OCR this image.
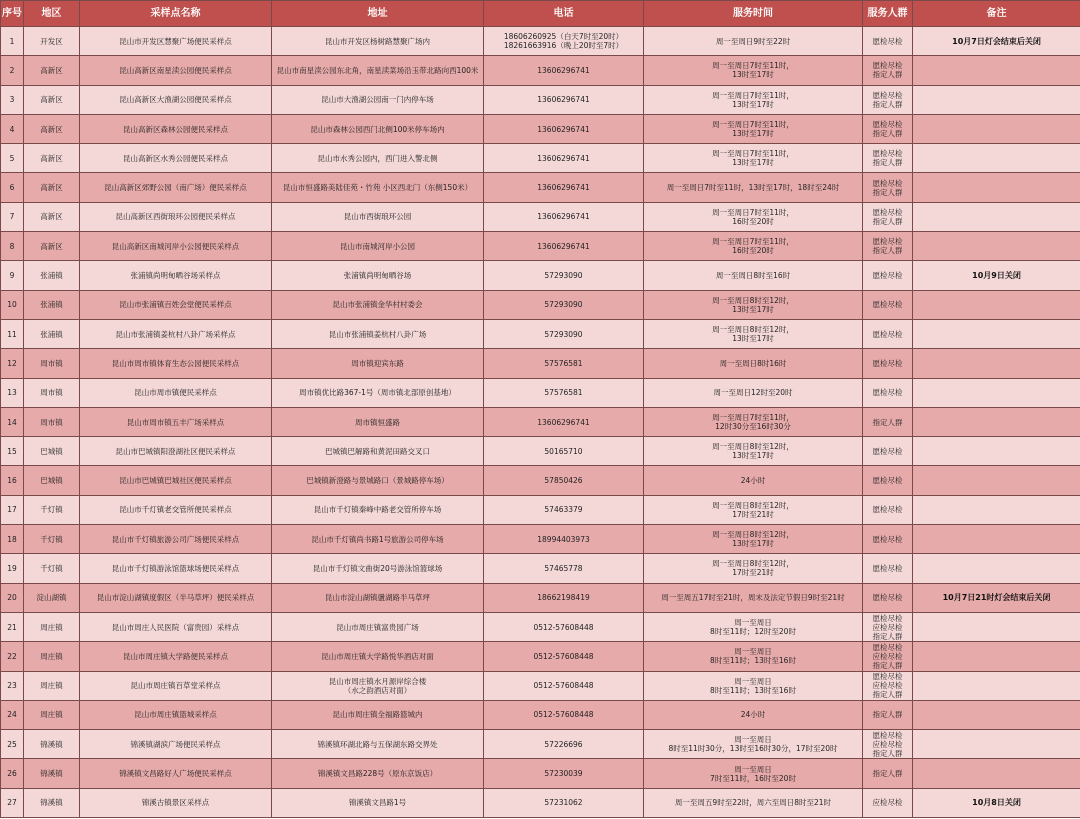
序号	地区	采样点名称	地址	电话	服务时间	服务人群	备注
1	开发区	昆山市开发区慧聚广场便民采样点	昆山市开发区杨树路慧聚广场内	18606260925（白天7时至20时）
18261663916（晚上20时至7时）	周一至周日9时至22时	愿检尽检	10月7日灯会结束后关闭
2	高新区	昆山高新区南星渎公园便民采样点	昆山市南星渎公园东北角，南星渎菜场沿玉带北路向西100米	13606296741	周一至周日7时至11时，
13时至17时	愿检尽检
指定人群	
3	高新区	昆山高新区大渔湖公园便民采样点	昆山市大渔湖公园南一门内停车场	13606296741	周一至周日7时至11时，
13时至17时	愿检尽检
指定人群	
4	高新区	昆山高新区森林公园便民采样点	昆山市森林公园西门北侧100米停车场内	13606296741	周一至周日7时至11时，
13时至17时	愿检尽检
指定人群	
5	高新区	昆山高新区水秀公园便民采样点	昆山市水秀公园内，西门进入警北侧	13606296741	周一至周日7时至11时，
13时至17时	愿检尽检
指定人群	
6	高新区	昆山高新区郊野公园（南广场）便民采样点	昆山市恒盛路美陆佳苑・竹苑 小区西北门（东侧150米）	13606296741	周一至周日7时至11时，13时至17时，18时至24时	愿检尽检
指定人群	
7	高新区	昆山高新区西街琅环公园便民采样点	昆山市西街琅环公园	13606296741	周一至周日7时至11时，
16时至20时	愿检尽检
指定人群	
8	高新区	昆山高新区南城河岸小公园便民采样点	昆山市南城河岸小公园	13606296741	周一至周日7时至11时，
16时至20时	愿检尽检
指定人群	
9	张浦镇	张浦镇尚明甸晒谷场采样点	张浦镇尚明甸晒谷场	57293090	周一至周日8时至16时	愿检尽检	10月9日关闭
10	张浦镇	昆山市张浦镇百姓会堂便民采样点	昆山市张浦镇金华村村委会	57293090	周一至周日8时至12时，
13时至17时	愿检尽检	
11	张浦镇	昆山市张浦镇姜杭村八卦广场采样点	昆山市张浦镇姜杭村八卦广场	57293090	周一至周日8时至12时，
13时至17时	愿检尽检	
12	周市镇	昆山市周市镇体育生态公园便民采样点	周市镇迎宾东路	57576581	周一至周日8时16时	愿检尽检	
13	周市镇	昆山市周市镇便民采样点	周市镇优比路367-1号（周市镇北部原创基地）	57576581	周一至周日12时至20时	愿检尽检	
14	周市镇	昆山市周市镇五丰广场采样点	周市镇恒盛路	13606296741	周一至周日7时至11时，
12时30分至16时30分	指定人群	
15	巴城镇	昆山市巴城镇阳澄湖社区便民采样点	巴城镇巴解路和黄泥田路交叉口	50165710	周一至周日8时至12时，
13时至17时	愿检尽检	
16	巴城镇	昆山市巴城镇巴城社区便民采样点	巴城镇新澄路与景城路口（景城路停车场）	57850426	24小时	愿检尽检	
17	千灯镇	昆山市千灯镇老交管所便民采样点	昆山市千灯镇秦峰中路老交管所停车场	57463379	周一至周日8时至12时，
17时至21时	愿检尽检	
18	千灯镇	昆山市千灯镇旅游公司广场便民采样点	昆山市千灯镇尚书路1号旅游公司停车场	18994403973	周一至周日8时至12时，
13时至17时	愿检尽检	
19	千灯镇	昆山市千灯镇游泳馆篮球场便民采样点	昆山市千灯镇文曲街20号游泳馆篮球场	57465778	周一至周日8时至12时，
17时至21时	愿检尽检	
20	淀山湖镇	昆山市淀山湖镇度假区（半马草坪）便民采样点	昆山市淀山湖镇盪湖路半马草坪	18662198419	周一至周五17时至21时，周末及法定节假日9时至21时	愿检尽检	10月7日21时灯会结束后关闭
21	周庄镇	昆山市周庄人民医院（富贵园）采样点	昆山市周庄镇富贵园广场	0512-57608448	周一至周日
8时至11时；12时至20时	愿检尽检
应检尽检
指定人群	
22	周庄镇	昆山市周庄镇大学路便民采样点	昆山市周庄镇大学路悦华酒店对面	0512-57608448	周一至周日
8时至11时；13时至16时	愿检尽检
应检尽检
指定人群	
23	周庄镇	昆山市周庄镇百草堂采样点	昆山市周庄镇水月源岸综合楼
（水之韵酒店对面）	0512-57608448	周一至周日
8时至11时；13时至16时	愿检尽检
应检尽检
指定人群	
24	周庄镇	昆山市周庄镇篮城采样点	昆山市周庄镇全福路篮城内	0512-57608448	24小时	指定人群	
25	锦溪镇	锦溪镇湖滨广场便民采样点	锦溪镇环湖北路与五保湖东路交界处	57226696	周一至周日
8时至11时30分，13时至16时30分，17时至20时	愿检尽检
应检尽检
指定人群	
26	锦溪镇	锦溪镇文昌路好人广场便民采样点	锦溪镇文昌路228号（原东京饭店）	57230039	周一至周日
7时至11时，16时至20时	指定人群	
27	锦溪镇	锦溪古镇景区采样点	锦溪镇文昌路1号	57231062	周一至周五9时至22时，周六至周日8时至21时	应检尽检	10月8日关闭
